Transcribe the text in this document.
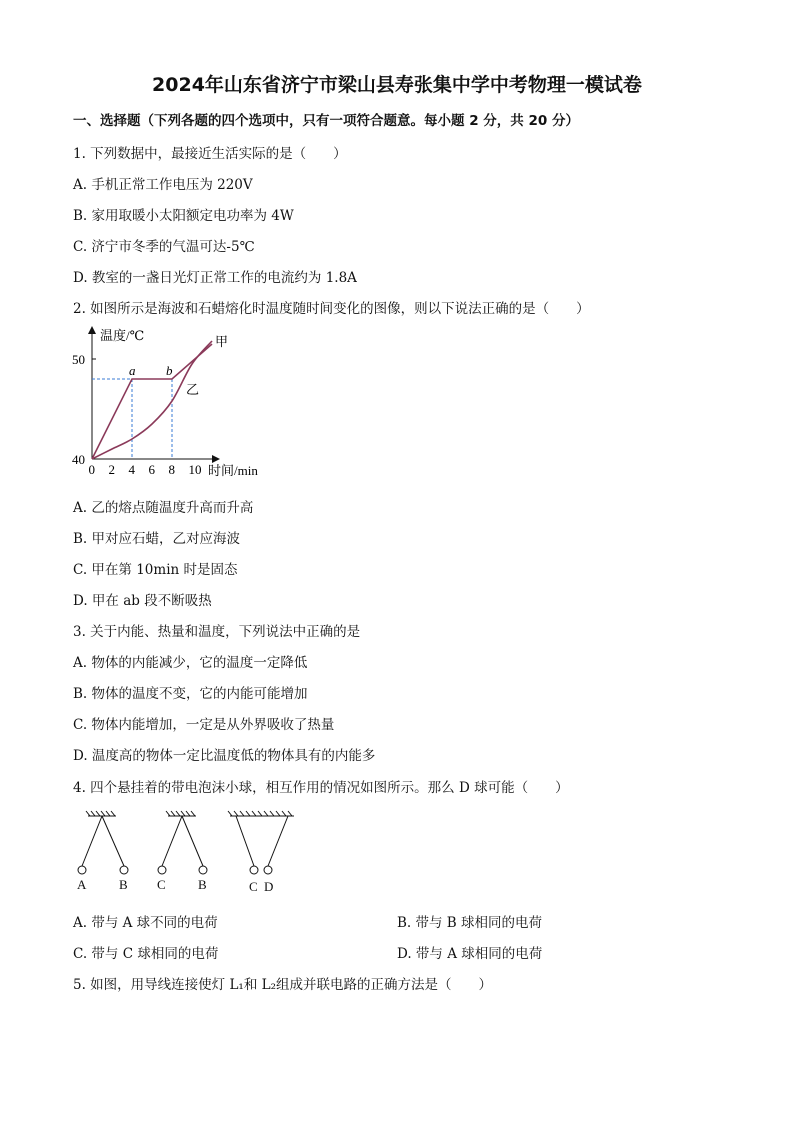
2024年山东省济宁市梁山县寿张集中学中考物理一模试卷
一、选择题（下列各题的四个选项中，只有一项符合题意。每小题 2 分，共 20 分）
1. 下列数据中，最接近生活实际的是（　　）
A. 手机正常工作电压为 220V
B. 家用取暖小太阳额定电功率为 4W
C. 济宁市冬季的气温可达-5℃
D. 教室的一盏日光灯正常工作的电流约为 1.8A
2. 如图所示是海波和石蜡熔化时温度随时间变化的图像，则以下说法正确的是（　　）
温度/℃
时间/min
0 2 4 6 8 10
40
50
甲
乙
a b
A. 乙的熔点随温度升高而升高
B. 甲对应石蜡，乙对应海波
C. 甲在第 10min 时是固态
D. 甲在 ab 段不断吸热
3. 关于内能、热量和温度，下列说法中正确的是
A. 物体的内能减少，它的温度一定降低
B. 物体的温度不变，它的内能可能增加
C. 物体内能增加，一定是从外界吸收了热量
D. 温度高的物体一定比温度低的物体具有的内能多
4. 四个悬挂着的带电泡沫小球，相互作用的情况如图所示。那么 D 球可能（　　）
A	B C B	C D
A. 带与 A 球不同的电荷	B. 带与 B 球相同的电荷
C. 带与 C 球相同的电荷	D. 带与 A 球相同的电荷
5. 如图，用导线连接使灯 L₁和 L₂组成并联电路的正确方法是（　　）
